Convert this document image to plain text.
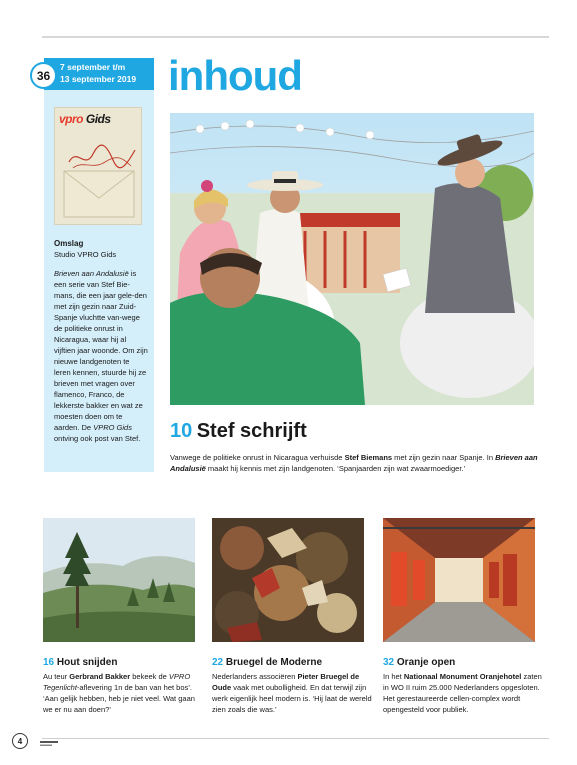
36
7 september t/m
13 september 2019
vpro Gids
Omslag
Studio VPRO Gids
Brieven aan Andalusië is een serie van Stef Bie-mans, die een jaar gele-den met zijn gezin naar Zuid-Spanje vluchtte van-wege de politieke onrust in Nicaragua, waar hij al vijftien jaar woonde. Om zijn nieuwe landgenoten te leren kennen, stuurde hij ze brieven met vragen over flamenco, Franco, de lekkerste bakker en wat ze moesten doen om te aarden. De VPRO Gids ontving ook post van Stef.
inhoud
10 Stef schrijft
Vanwege de politieke onrust in Nicaragua verhuisde Stef Biemans met zijn gezin naar Spanje. In Brieven aan Andalusië maakt hij kennis met zijn landgenoten. ‘Spanjaarden zijn wat zwaarmoediger.’
16 Hout snijden
Au teur Gerbrand Bakker bekeek de VPRO Tegenlicht-aflevering 1n de ban van het bos’. ‘Aan gelijk hebben, heb je niet veel. Wat gaan we er nu aan doen?’
22 Bruegel de Moderne
Nederlanders associëren Pieter Bruegel de Oude vaak met oubolligheid. En dat terwijl zijn werk eigenlijk heel modern is. ‘Hij laat de wereld zien zoals die was.’
32 Oranje open
In het Nationaal Monument Oranjehotel zaten in WO II ruim 25.000 Nederlanders opgesloten. Het gerestaureerde cellen-complex wordt opengesteld voor publiek.
4
